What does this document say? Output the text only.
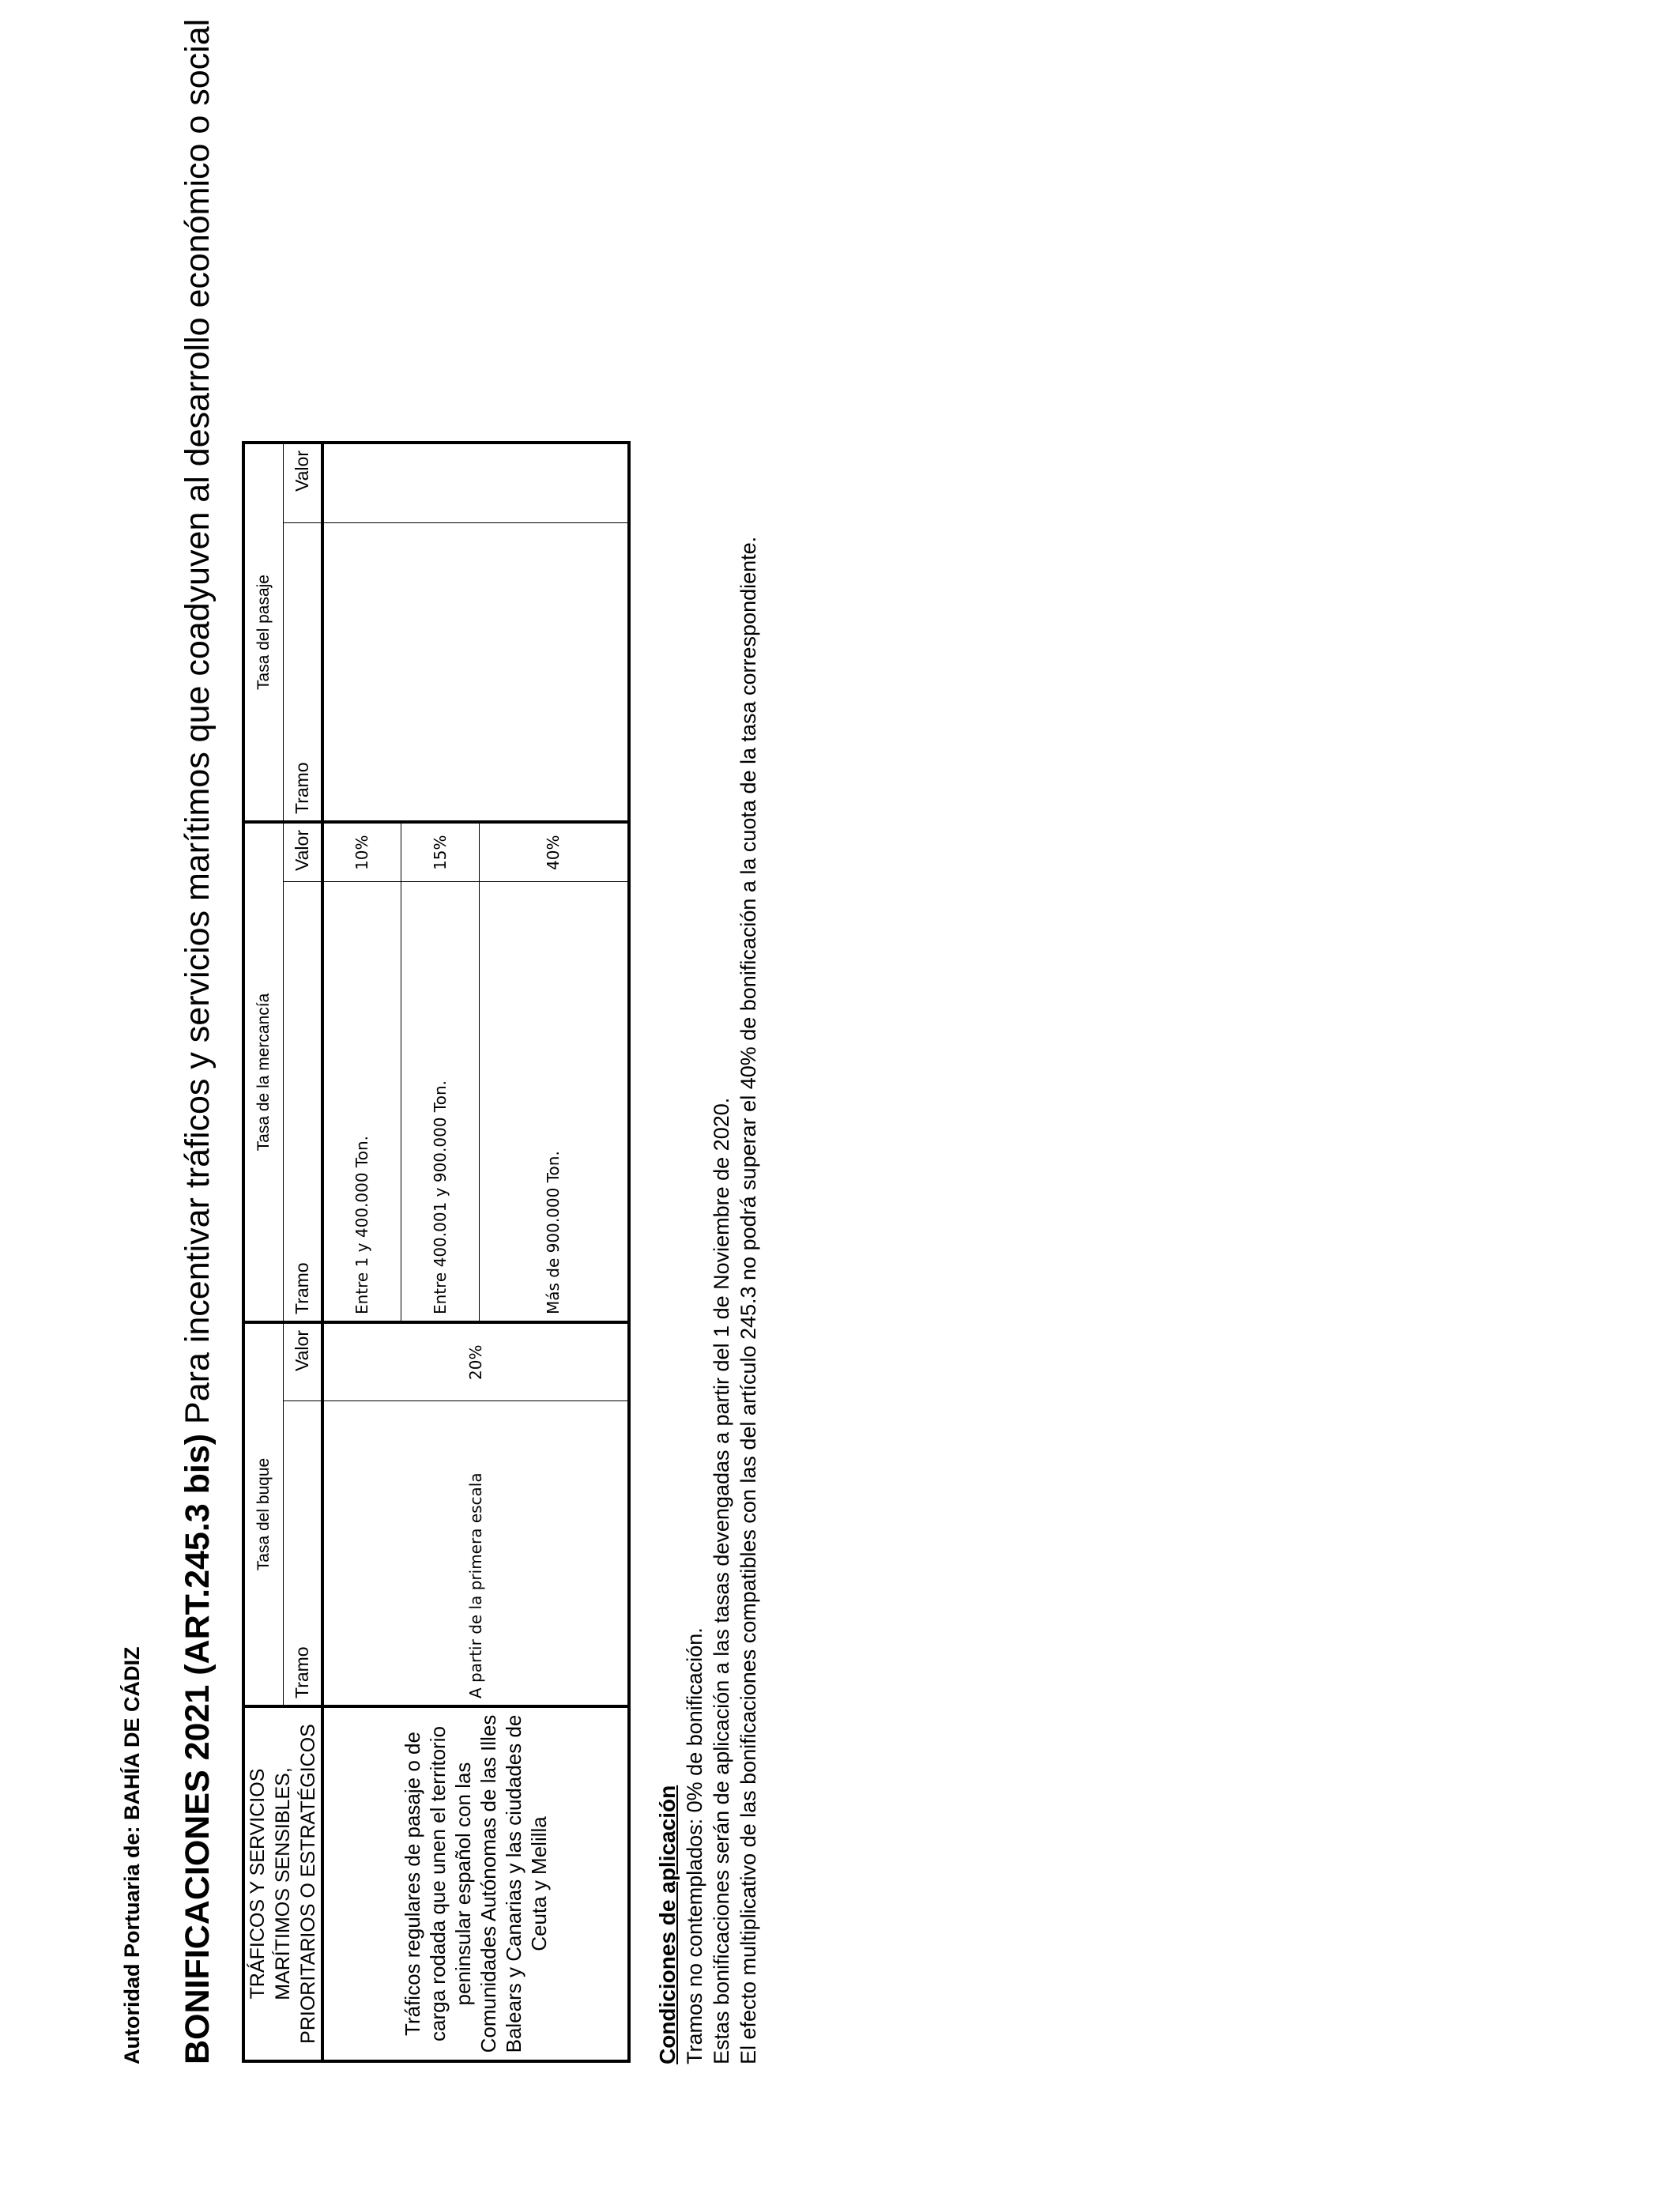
Autoridad Portuaria de: BAHÍA DE CÁDIZ BONIFICACIONES 2021 (ART.245.3 bis) Para incentivar tráficos y servicios marítimos que coadyuven al desarrollo económico o social
TRÁFICOS Y SERVICIOS MARÍTIMOS SENSIBLES, PRIORITARIOS O ESTRATÉGICOS	Tasa del buque		Tasa de la mercancía		Tasa del pasaje	
	Tramo	Valor	Tramo	Valor	Tramo	Valor
Tráficos regulares de pasaje o de carga rodada que unen el territorio peninsular español con las Comunidades Autónomas de las Illes Balears y Canarias y las ciudades de Ceuta y Melilla	A partir de la primera escala	20%	Entre 1 y 400.000 Ton.	10%		
			Entre 400.001 y 900.000 Ton.	15%		
			Más de 900.000 Ton.	40%		
Condiciones de aplicación Tramos no contemplados: 0% de bonificación. Estas bonificaciones serán de aplicación a las tasas devengadas a partir del 1 de Noviembre de 2020. El efecto multiplicativo de las bonificaciones compatibles con las del artículo 245.3 no podrá superar el 40% de bonificación a la cuota de la tasa correspondiente.
